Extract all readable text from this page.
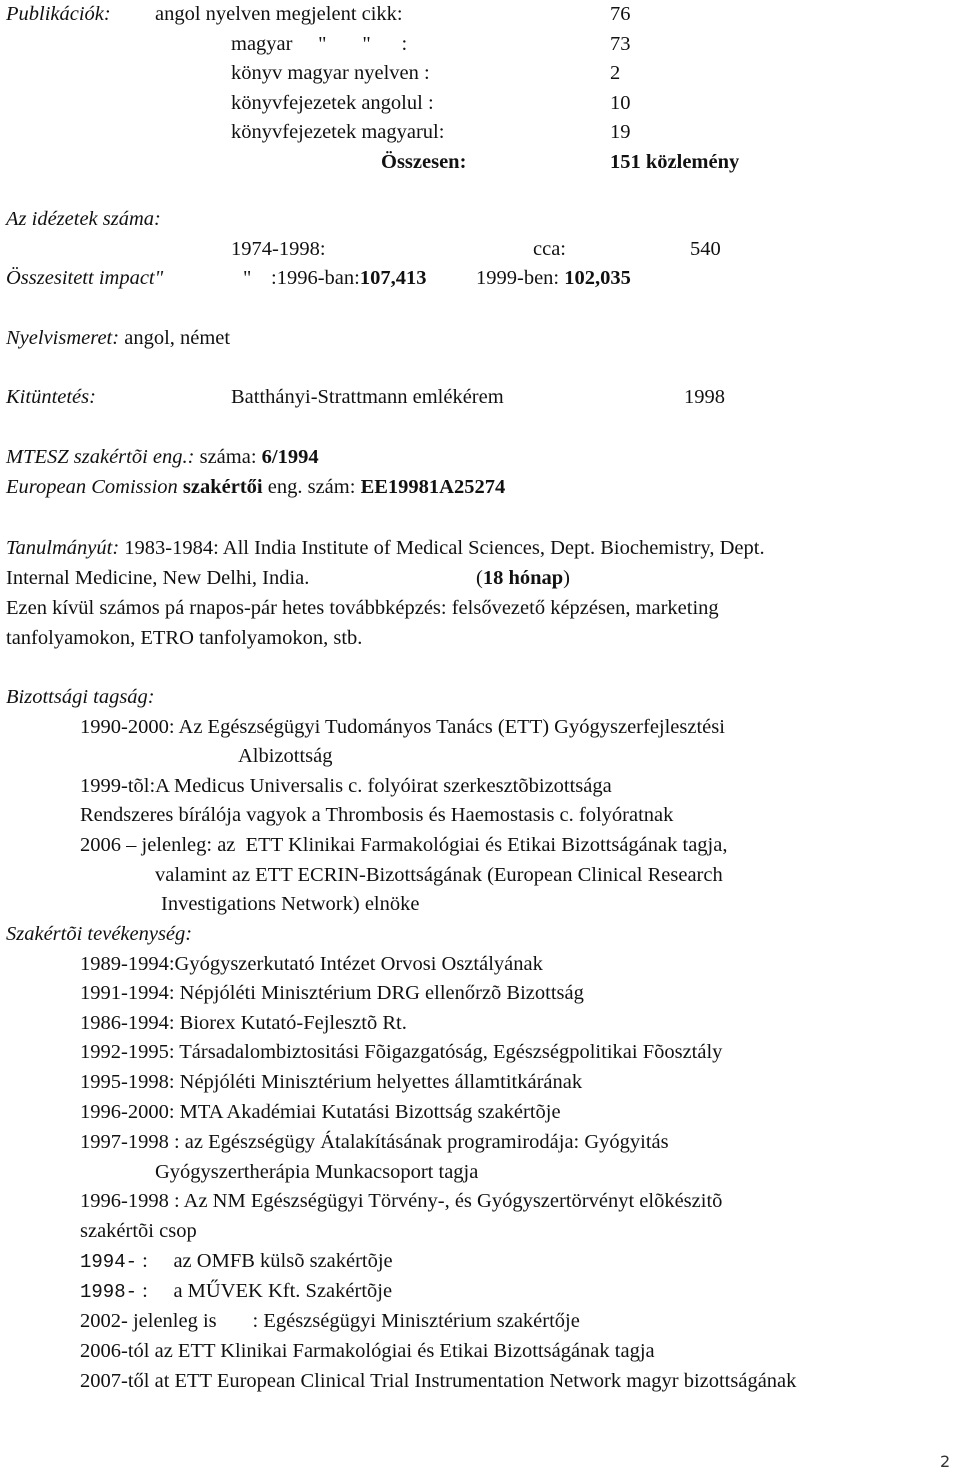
Publikációk: angol nyelven megjelent cikk:	76
magyar     "       "      :	73
könyv magyar nyelven :	2
könyvfejezetek angolul :	10
könyvfejezetek magyarul:	19
Összesen:	151 közlemény
Az idézetek száma:
1974-1998:	cca:	540
Összesitett impact"	" :1996-ban:107,413 1999-ben: 102,035
Nyelvismeret: angol, német
Kitüntetés:	Batthányi-Strattmann emlékérem	1998
MTESZ szakértõi eng.: száma: 6/1994
European Comission szakértői eng. szám: EE19981A25274
Tanulmányút: 1983-1984: All India Institute of Medical Sciences, Dept. Biochemistry, Dept.
Internal Medicine, New Delhi, India.	(18 hónap)
Ezen kívül számos pá rnapos-pár hetes továbbképzés: felsővezető képzésen, marketing
tanfolyamokon, ETRO tanfolyamokon, stb.
Bizottsági tagság:
1990-2000: Az Egészségügyi Tudományos Tanács (ETT) Gyógyszerfejlesztési
Albizottság
1999-tõl:A Medicus Universalis c. folyóirat szerkesztõbizottsága
Rendszeres bírálója vagyok a Thrombosis és Haemostasis c. folyóratnak
2006 – jelenleg: az  ETT Klinikai Farmakológiai és Etikai Bizottságának tagja,
valamint az ETT ECRIN-Bizottságának (European Clinical Research
Investigations Network) elnöke
Szakértõi tevékenység:
1989-1994:Gyógyszerkutató Intézet Orvosi Osztályának
1991-1994: Népjóléti Minisztérium DRG ellenőrzõ Bizottság
1986-1994: Biorex Kutató-Fejlesztõ Rt.
1992-1995: Társadalombiztositási Fõigazgatóság, Egészségpolitikai Fõosztály
1995-1998: Népjóléti Minisztérium helyettes államtitkárának
1996-2000: MTA Akadémiai Kutatási Bizottság szakértõje
1997-1998 : az Egészségügy Átalakításának programirodája: Gyógyitás
Gyógyszertherápia Munkacsoport tagja
1996-1998 : Az NM Egészségügyi Törvény-, és Gyógyszertörvényt elõkészitõ
szakértõi csop
1994- :     az OMFB külsõ szakértõje
1998- :     a MŰVEK Kft. Szakértõje
2002- jelenleg is       : Egészségügyi Minisztérium szakértője
2006-tól az ETT Klinikai Farmakológiai és Etikai Bizottságának tagja
2007-től at ETT European Clinical Trial Instrumentation Network magyr bizottságának
2
